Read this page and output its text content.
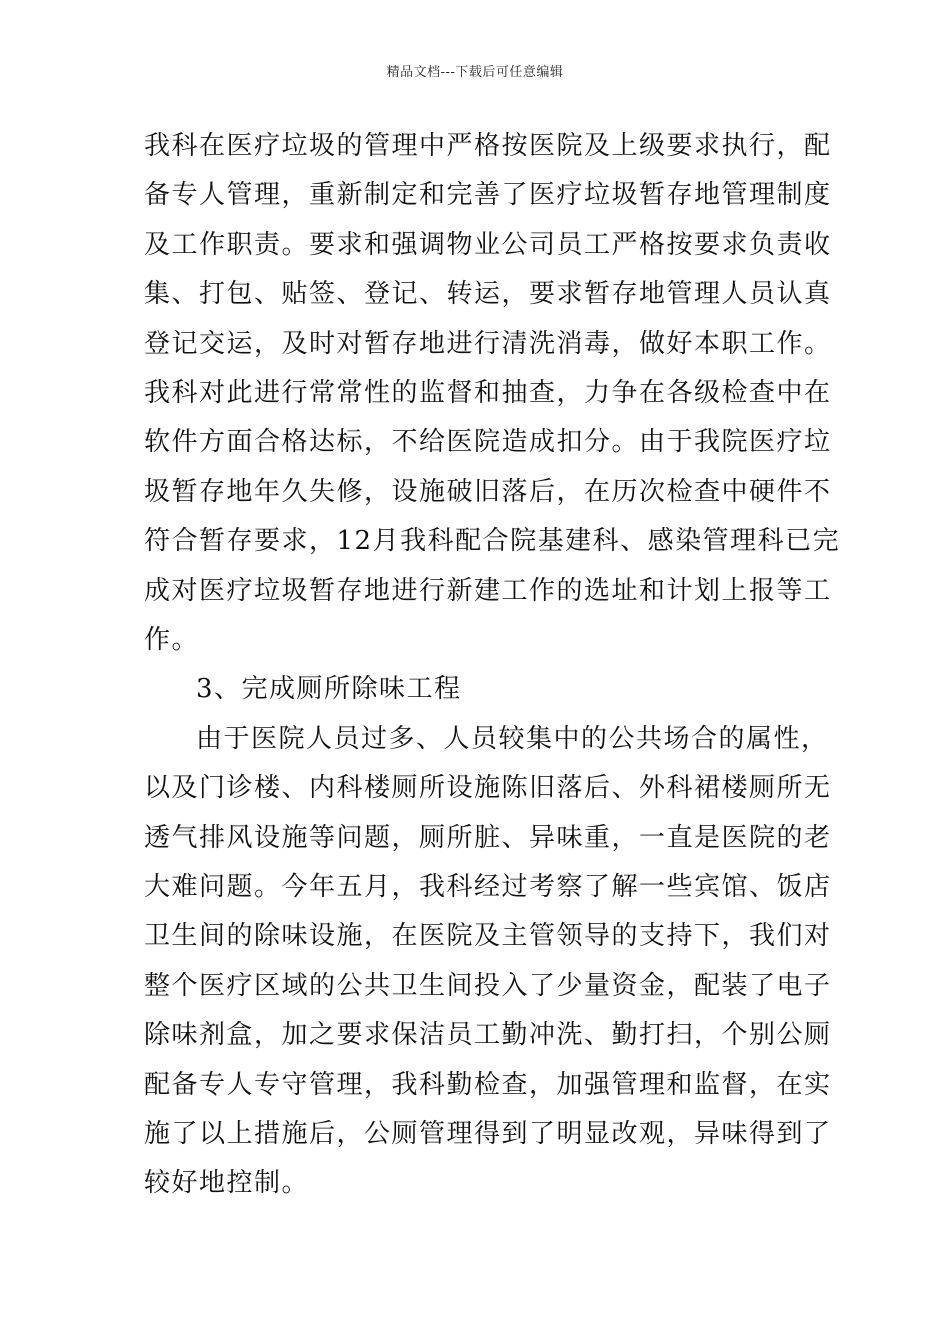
精品文档---下载后可任意编辑
我科在医疗垃圾的管理中严格按医院及上级要求执行，配
备专人管理，重新制定和完善了医疗垃圾暂存地管理制度
及工作职责。要求和强调物业公司员工严格按要求负责收
集、打包、贴签、登记、转运，要求暂存地管理人员认真
登记交运，及时对暂存地进行清洗消毒，做好本职工作。
我科对此进行常常性的监督和抽查，力争在各级检查中在
软件方面合格达标，不给医院造成扣分。由于我院医疗垃
圾暂存地年久失修，设施破旧落后，在历次检查中硬件不
符合暂存要求，12月我科配合院基建科、感染管理科已完
成对医疗垃圾暂存地进行新建工作的选址和计划上报等工
作。
3、完成厕所除味工程
由于医院人员过多、人员较集中的公共场合的属性，
以及门诊楼、内科楼厕所设施陈旧落后、外科裙楼厕所无
透气排风设施等问题，厕所脏、异味重，一直是医院的老
大难问题。今年五月，我科经过考察了解一些宾馆、饭店
卫生间的除味设施，在医院及主管领导的支持下，我们对
整个医疗区域的公共卫生间投入了少量资金，配装了电子
除味剂盒，加之要求保洁员工勤冲洗、勤打扫，个别公厕
配备专人专守管理，我科勤检查，加强管理和监督，在实
施了以上措施后，公厕管理得到了明显改观，异味得到了
较好地控制。
